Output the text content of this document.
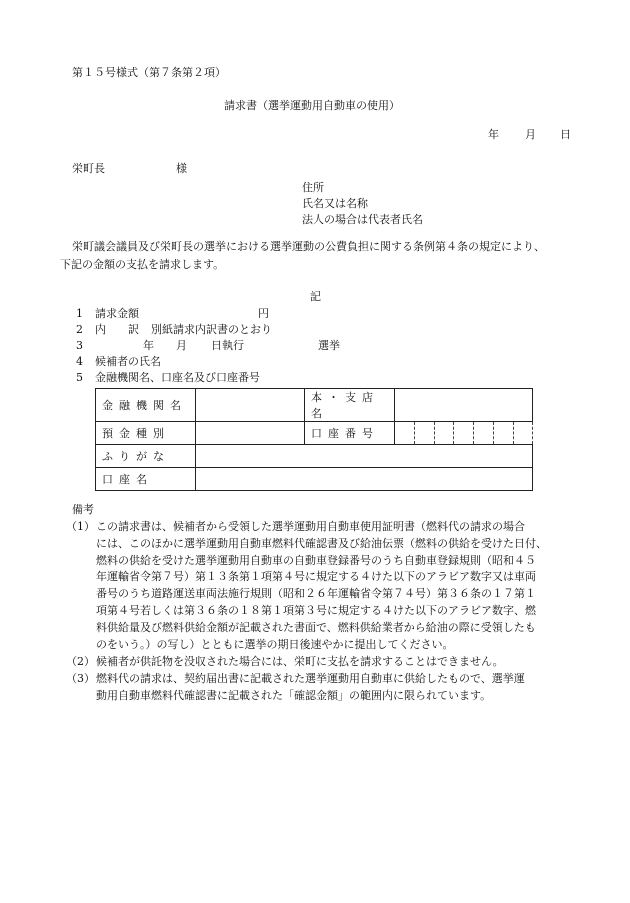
第１５号様式（第７条第２項）
請求書（選挙運動用自動車の使用）
年 月 日
栄町長	様
住所
氏名又は名称
法人の場合は代表者氏名
栄町議会議員及び栄町長の選挙における選挙運動の公費負担に関する条例第４条の規定により、
下記の金額の支払を請求します。
記
1 請求金額	円
2 内　　訳 別紙請求内訳書のとおり
3	年 月 日執行	選挙
4 候補者の氏名
5 金融機関名、口座名及び口座番号
金融機関名		本・支店名							
預金種別		口座番号							
ふりがな									
口座名									
備考
（1） この請求書は、候補者から受領した選挙運動用自動車使用証明書（燃料代の請求の場合
には、このほかに選挙運動用自動車燃料代確認書及び給油伝票（燃料の供給を受けた日付、
燃料の供給を受けた選挙運動用自動車の自動車登録番号のうち自動車登録規則（昭和４５
年運輸省令第７号）第１３条第１項第４号に規定する４けた以下のアラビア数字又は車両
番号のうち道路運送車両法施行規則（昭和２６年運輸省令第７４号）第３６条の１７第１
項第４号若しくは第３６条の１８第１項第３号に規定する４けた以下のアラビア数字、燃
料供給量及び燃料供給金額が記載された書面で、燃料供給業者から給油の際に受領したも
のをいう。）の写し）とともに選挙の期日後速やかに提出してください。
（2） 候補者が供託物を没収された場合には、栄町に支払を請求することはできません。
（3） 燃料代の請求は、契約届出書に記載された選挙運動用自動車に供給したもので、選挙運
動用自動車燃料代確認書に記載された「確認金額」の範囲内に限られています。
